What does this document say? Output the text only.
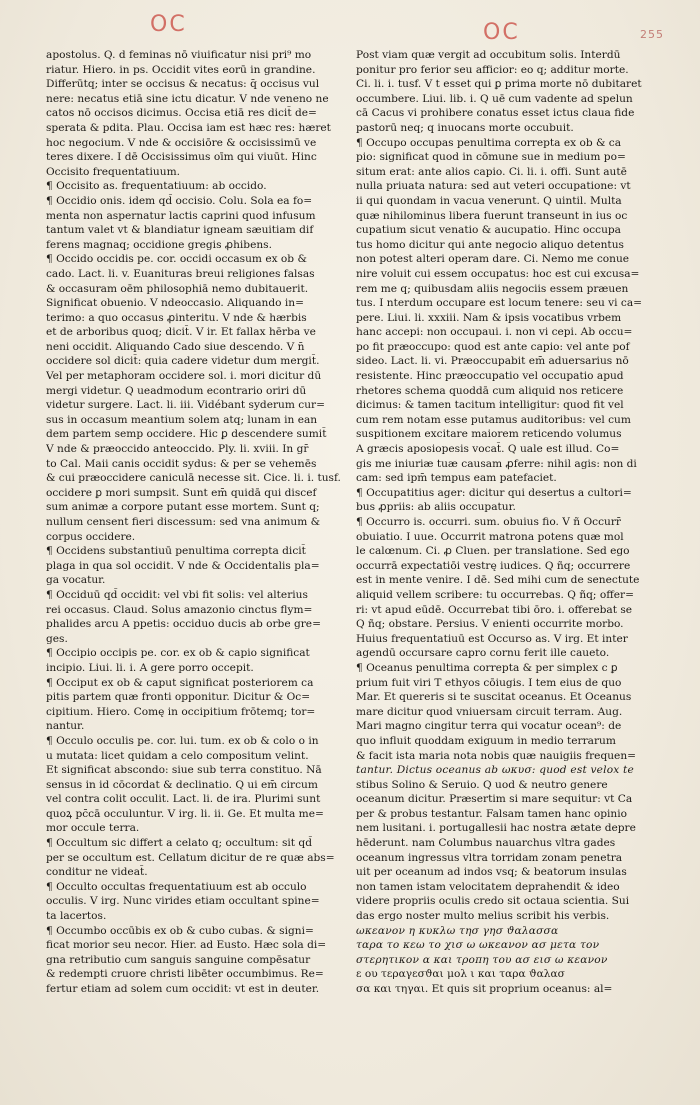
OC	OC	255
apostolus. Q. d feminas nō viuificatur nisi pri⁹ mo
riatur. Hiero. in ps. Occidit vites eorū in grandine.
Differūtq; inter se occisus & necatus: q̄ occisus vul
nere: necatus etiā sine ictu dicatur. V nde veneno ne
catos nō occisos dicimus. Occisa etiā res dicit̄ de=
sperata & pdita. Plau. Occisa iam est hæc res: hæret
hoc negocium. V nde & occisiōre & occisissimū ve
teres dixere. I dē Occisissimus oīm qui viuūt. Hinc
Occisito frequentatiuum.
¶ Occisito as. frequentatiuum: ab occido.
¶ Occidio onis. idem qd̄ occisio. Colu. Sola ea fo=
menta non aspernatur lactis caprini quod infusum
tantum valet vt & blandiatur igneam sæuitiam dif
ferens magnaq; occidione gregis ꝓhibens.
¶ Occido occidis pe. cor. occidi occasum ex ob &
cado. Lact. li. v. Euanituras breui religiones falsas
& occasuram oēm philosophiā nemo dubitauerit.
Significat obuenio. V ndeoccasio. Aliquando in=
terimo: a quo occasus ꝓinteritu. V nde & hærbis
et de arboribus quoq; dicit̄. V ir. Et fallax hērba ve
neni occidit. Aliquando Cado siue descendo. V n̄
occidere sol dicit̄: quia cadere videtur dum mergit̄.
Vel per metaphoram occidere sol. i. mori dicitur dū
mergi videtur. Q ueadmodum econtrario oriri dū
videtur surgere. Lact. li. iii. Vidébant syderum cur=
sus in occasum meantium solem atq; lunam in ean
dem partem semp occidere. Hic ꝑ descendere sumit̄
V nde & præoccido anteoccido. Ply. li. xviii. In gr̄
to Cal. Maii canis occidit sydus: & per se vehemēs
& cui præoccidere caniculā necesse sit. Cice. li. i. tusf.
occidere ꝑ mori sumpsit. Sunt em̄ quidā qui discef
sum animæ a corpore putant esse mortem. Sunt q;
nullum censent fieri discessum: sed vna animum &
corpus occidere.
¶ Occidens substantiuū penultima correpta dicit̄
plaga in qua sol occidit. V nde & Occidentalis pla=
ga vocatur.
¶ Occiduū qd̄ occidit: vel vbi fit solis: vel alterius
rei occasus. Claud. Solus amazonio cinctus flym=
phalides arcu A ppetis: occiduo ducis ab orbe gre=
ges.
¶ Occipio occipis pe. cor. ex ob & capio significat
incipio. Liui. li. i. A gere porro occepit.
¶ Occiput ex ob & caput significat posteriorem ca
pitis partem quæ fronti opponitur. Dicitur & Oc=
cipitium. Hiero. Comę in occipitium frōtemq; tor=
nantur.
¶ Occulo occulis pe. cor. lui. tum. ex ob & colo o in
u mutata: licet quidam a celo compositum velint.
Et significat abscondo: siue sub terra constituo. Nā
sensus in id cōcordat & declinatio. Q ui em̄ circum
vel contra colit occulit. Lact. li. de ira. Plurimi sunt
quoꝝ pc̄cā occuluntur. V irg. li. ii. Ge. Et multa me=
mor occule terra.
¶ Occultum sic differt a celato q; occultum: sit qd̄
per se occultum est. Cellatum dicitur de re quæ abs=
conditur ne videat̄.
¶ Occulto occultas frequentatiuum est ab occulo
occulis. V irg. Nunc virides etiam occultant spine=
ta lacertos.
¶ Occumbo occūbis ex ob & cubo cubas. & signi=
ficat morior seu necor. Hier. ad Eusto. Hæc sola di=
gna retributio cum sanguis sanguine compēsatur
& redempti cruore christi libēter occumbimus. Re=
fertur etiam ad solem cum occidit: vt est in deuter.
Post viam quæ vergit ad occubitum solis. Interdū
ponitur pro ferior seu afficior: eo q; additur morte.
Ci. li. i. tusf. V t esset qui ꝑ prima morte nō dubitaret
occumbere. Liui. lib. i. Q uē cum vadente ad spelun
cā Cacus vi prohibere conatus esset ictus claua fide
pastorū neq; q inuocans morte occubuit.
¶ Occupo occupas penultima correpta ex ob & ca
pio: significat quod in cōmune sue in medium po=
situm erat: ante alios capio. Ci. li. i. offi. Sunt autē
nulla priuata natura: sed aut veteri occupatione: vt
ii qui quondam in vacua venerunt. Q uintil. Multa
quæ nihilominus libera fuerunt transeunt in ius oc
cupatium sicut venatio & aucupatio. Hinc occupa
tus homo dicitur qui ante negocio aliquo detentus
non potest alteri operam dare. Ci. Nemo me conue
nire voluit cui essem occupatus: hoc est cui excusa=
rem me q; quibusdam aliis negociis essem præuen
tus. I nterdum occupare est locum tenere: seu vi ca=
pere. Liui. li. xxxiii. Nam & ipsis vocatibus vrbem
hanc accepi: non occupaui. i. non vi cepi. Ab occu=
po fit præoccupo: quod est ante capio: vel ante pof
sideo. Lact. li. vi. Præoccupabit em̄ aduersarius nō
resistente. Hinc præoccupatio vel occupatio apud
rhetores schema quoddā cum aliquid nos reticere
dicimus: & tamen tacitum intelligitur: quod fit vel
cum rem notam esse putamus auditoribus: vel cum
suspitionem excitare maiorem reticendo volumus
A græcis aposiopesis vocat̄. Q uale est illud. Co=
gis me iniuriæ tuæ causam ꝓferre: nihil agis: non di
cam: sed ipm̄ tempus eam patefaciet.
¶ Occupatitius ager: dicitur qui desertus a cultori=
bus ꝓpriis: ab aliis occupatur.
¶ Occurro is. occurri. sum. obuius fio. V ñ Occurr̄
obuiatio. I uue. Occurrit matrona potens quæ mol
le calœnum. Ci. ꝓ Cluen. per translatione. Sed ego
occurrā expectatiōi vestrę iudices. Q ñq; occurrere
est in mente venire. I dē. Sed mihi cum de senectute
aliquid vellem scribere: tu occurrebas. Q ñq; offer=
ri: vt apud eūdē. Occurrebat tibi ōro. i. offerebat se
Q ñq; obstare. Persius. V enienti occurrite morbo.
Huius frequentatiuū est Occurso as. V irg. Et inter
agendū occursare capro cornu ferit ille caueto.
¶ Oceanus penultima correpta & per simplex c ꝑ
prium fuit viri T ethyos cōiugis. I tem eius de quo
Mar. Et quereris si te suscitat oceanus. Et Oceanus
mare dicitur quod vniuersam circuit terram. Aug.
Mari magno cingitur terra qui vocatur ocean⁹: de
quo influit quoddam exiguum in medio terrarum
& facit ista maria nota nobis quæ nauigiis frequen=
tantur. Dictus oceanus ab ωκυσ: quod est velox te
stibus Solino & Seruio. Q uod & neutro genere
oceanum dicitur. Præsertim si mare sequitur: vt Ca
per & probus testantur. Falsam tamen hanc opinio
nem lusitani. i. portugallesii hac nostra ætate depre
hēderunt. nam Columbus nauarchus vltra gades
oceanum ingressus vltra torridam zonam penetra
uit per oceanum ad indos vsq; & beatorum insulas
non tamen istam velocitatem deprahendit & ideo
videre propriis oculis credo sit octaua scientia. Sui
das ergo noster multo melius scribit his verbis.
ωκεανον η κυκλω τησ γησ ϑαλασσα
ταρα το κεω το χισ ω ωκεανον ασ μετα τον
στερητικον α και τροπη του ασ εισ ω κεανον
ε ου τεραγεσϑαι μολ ι και ταρα ϑαλασ
σα και τηγαι. Et quis sit proprium oceanus: al=
